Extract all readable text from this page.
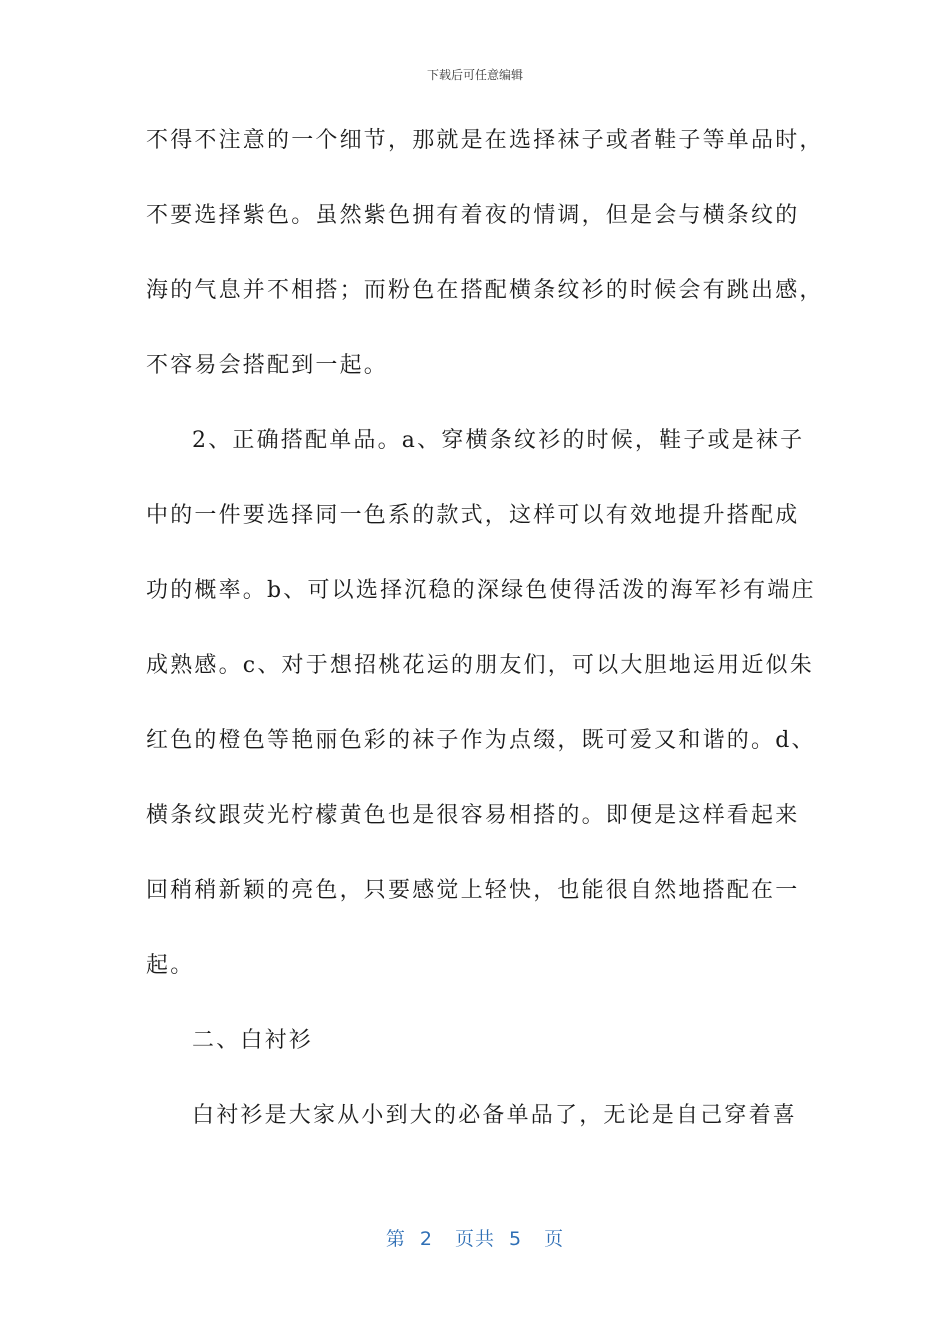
下载后可任意编辑
不得不注意的一个细节，那就是在选择袜子或者鞋子等单品时，
不要选择紫色。虽然紫色拥有着夜的情调，但是会与横条纹的
海的气息并不相搭；而粉色在搭配横条纹衫的时候会有跳出感，
不容易会搭配到一起。
2、正确搭配单品。a、穿横条纹衫的时候，鞋子或是袜子
中的一件要选择同一色系的款式，这样可以有效地提升搭配成
功的概率。b、可以选择沉稳的深绿色使得活泼的海军衫有端庄
成熟感。c、对于想招桃花运的朋友们，可以大胆地运用近似朱
红色的橙色等艳丽色彩的袜子作为点缀，既可爱又和谐的。d、
横条纹跟荧光柠檬黄色也是很容易相搭的。即便是这样看起来
回稍稍新颖的亮色，只要感觉上轻快，也能很自然地搭配在一
起。
二、白衬衫
白衬衫是大家从小到大的必备单品了，无论是自己穿着喜
第 2 页共 5 页
